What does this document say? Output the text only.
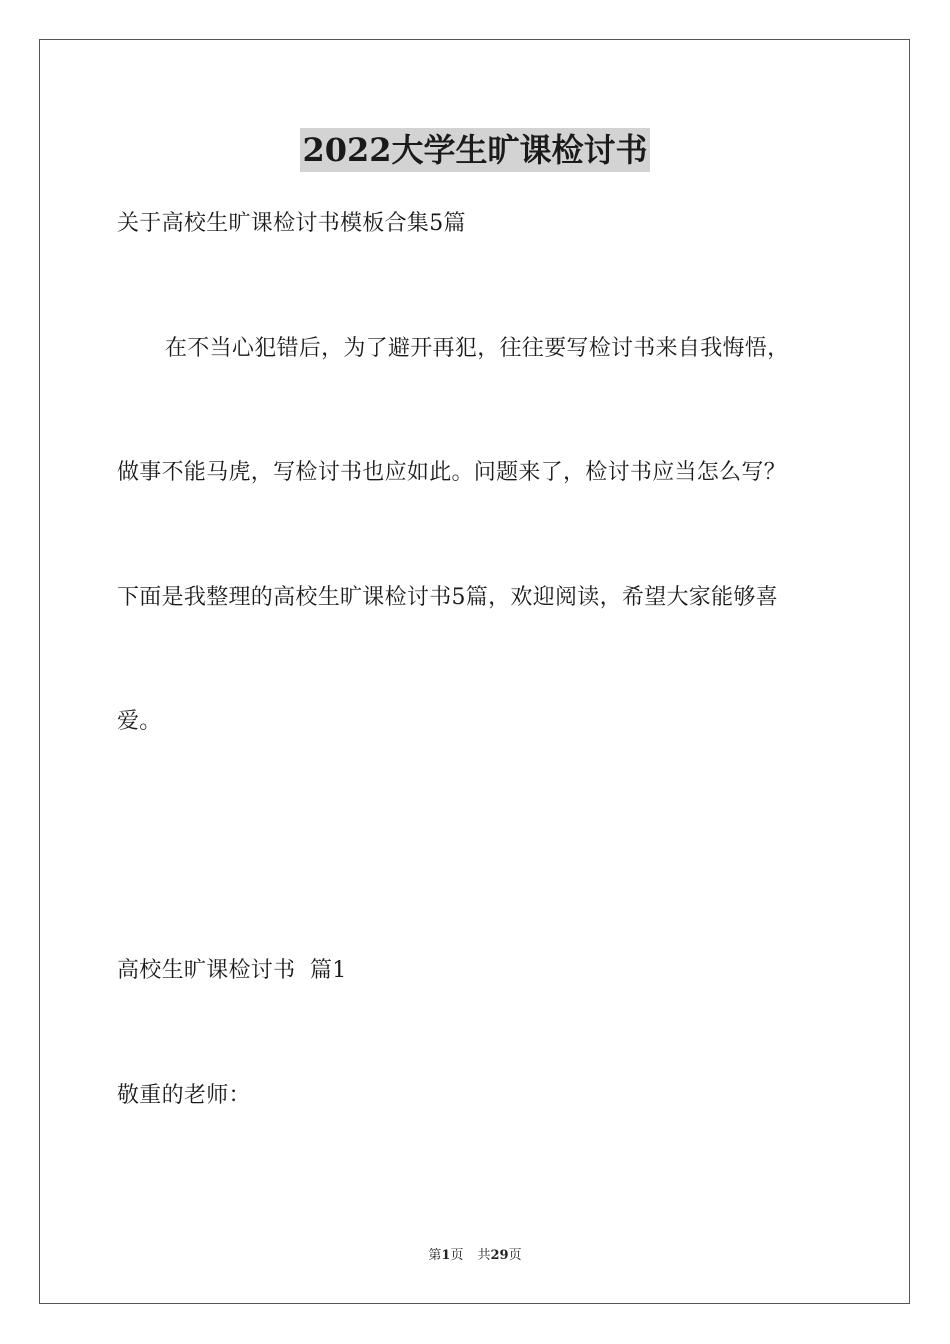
2022大学生旷课检讨书
关于高校生旷课检讨书模板合集5篇
在不当心犯错后，为了避开再犯，往往要写检讨书来自我悔悟，
做事不能马虎，写检讨书也应如此。问题来了，检讨书应当怎么写？
下面是我整理的高校生旷课检讨书5篇，欢迎阅读，希望大家能够喜
爱。
高校生旷课检讨书  篇1
敬重的老师：
第1页 共29页
